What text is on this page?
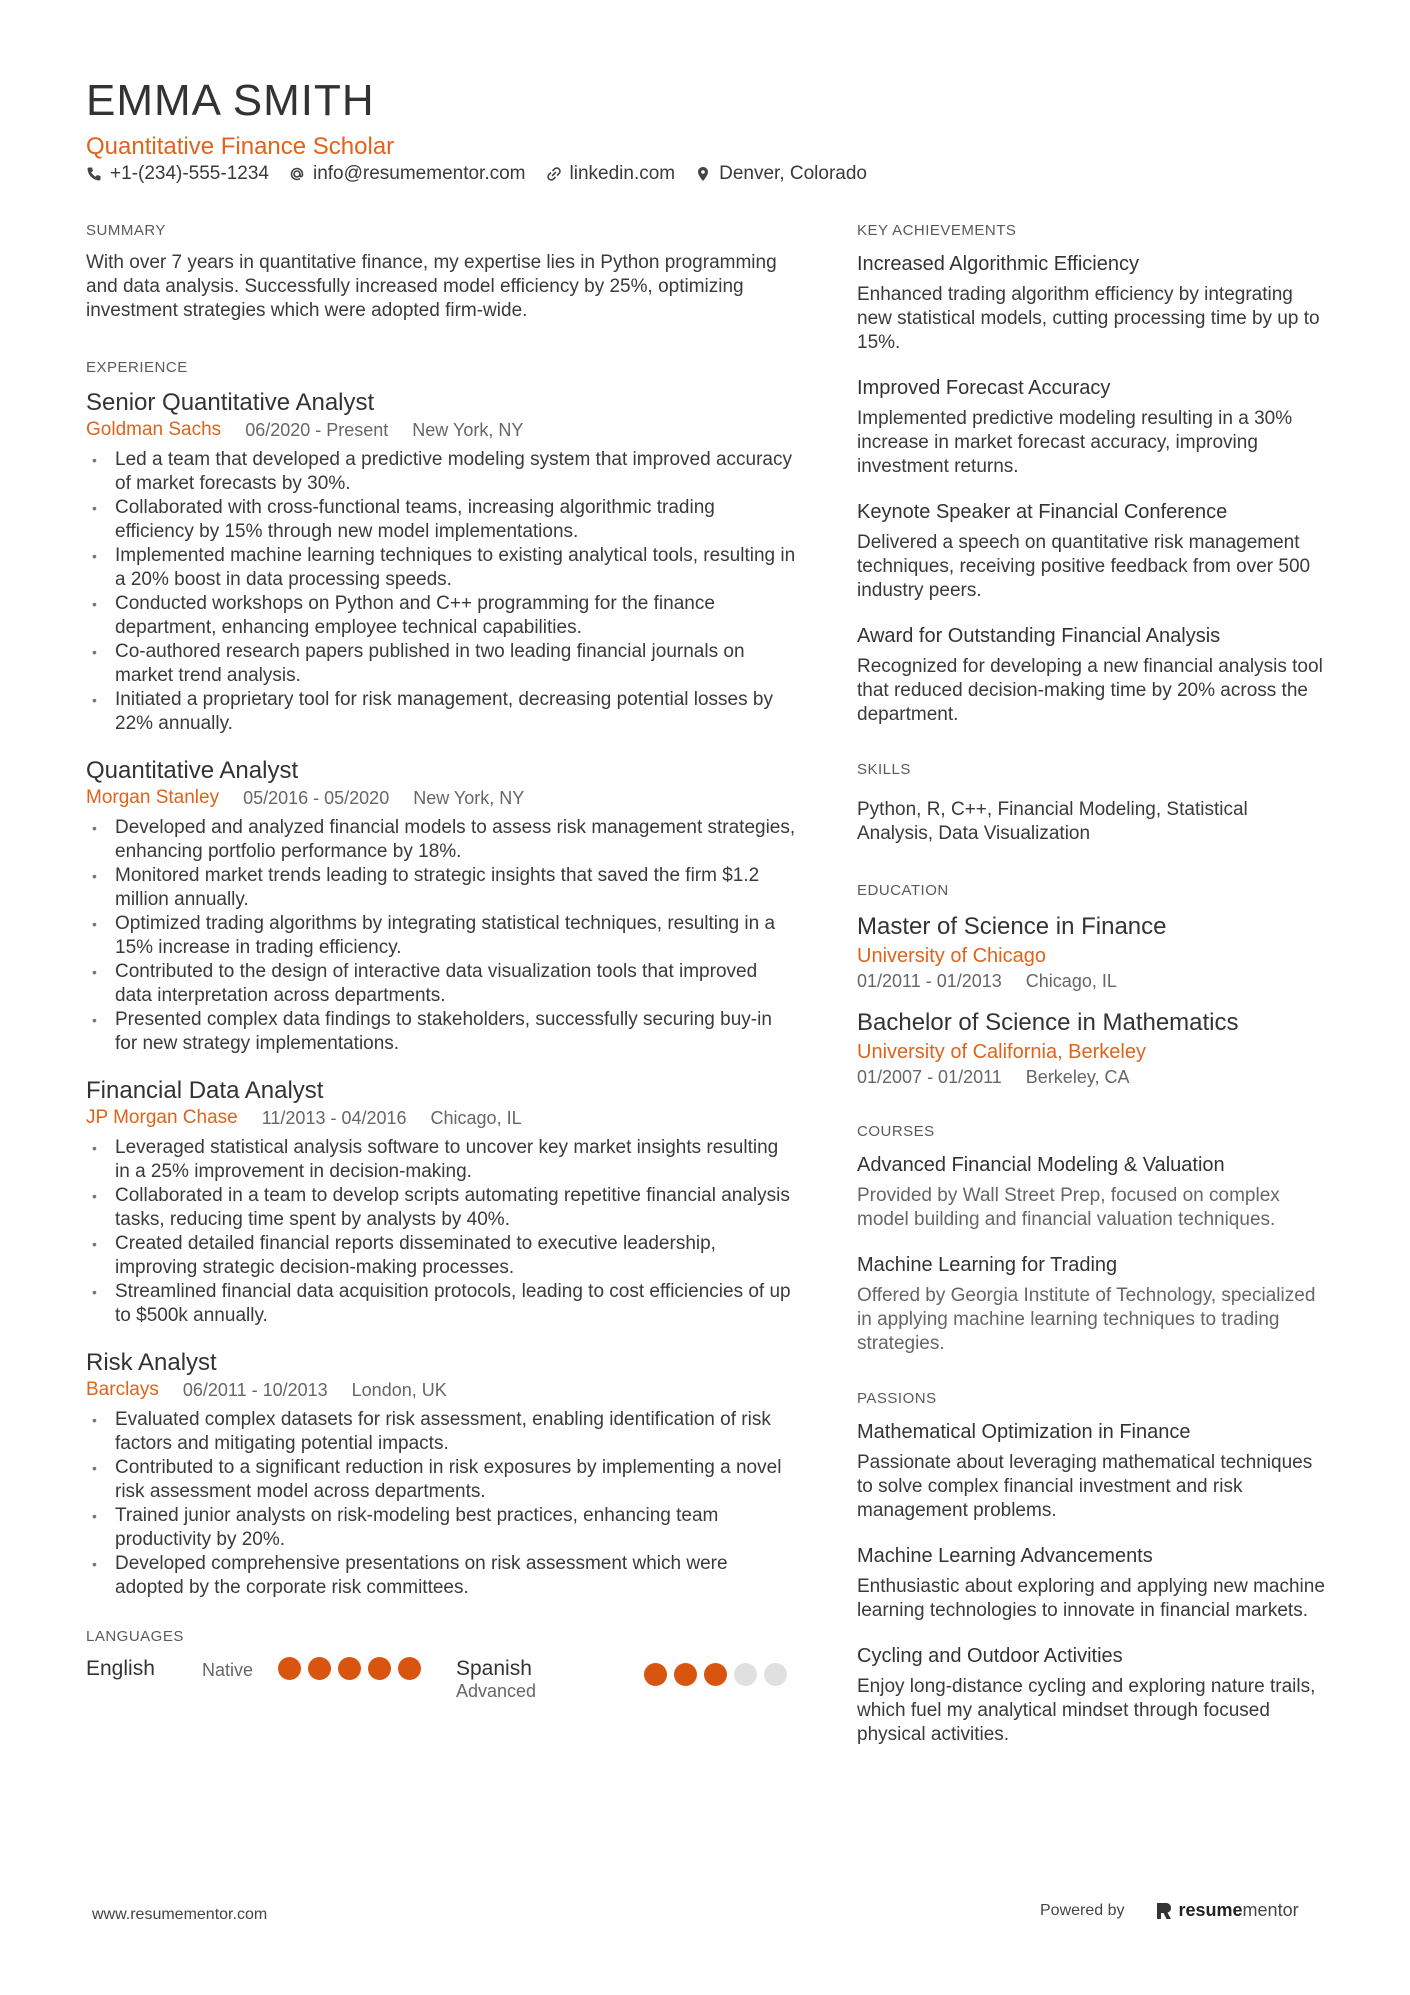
EMMA SMITH
Quantitative Finance Scholar
+1-(234)-555-1234 info@resumementor.com linkedin.com Denver, Colorado
SUMMARY
With over 7 years in quantitative finance, my expertise lies in Python programming and data analysis. Successfully increased model efficiency by 25%, optimizing investment strategies which were adopted firm-wide.
EXPERIENCE
Senior Quantitative Analyst
Goldman Sachs 06/2020 - Present New York, NY
• Led a team that developed a predictive modeling system that improved accuracy of market forecasts by 30%.
• Collaborated with cross-functional teams, increasing algorithmic trading efficiency by 15% through new model implementations.
• Implemented machine learning techniques to existing analytical tools, resulting in a 20% boost in data processing speeds.
• Conducted workshops on Python and C++ programming for the finance department, enhancing employee technical capabilities.
• Co-authored research papers published in two leading financial journals on market trend analysis.
• Initiated a proprietary tool for risk management, decreasing potential losses by 22% annually.
Quantitative Analyst
Morgan Stanley 05/2016 - 05/2020 New York, NY
• Developed and analyzed financial models to assess risk management strategies, enhancing portfolio performance by 18%.
• Monitored market trends leading to strategic insights that saved the firm $1.2 million annually.
• Optimized trading algorithms by integrating statistical techniques, resulting in a 15% increase in trading efficiency.
• Contributed to the design of interactive data visualization tools that improved data interpretation across departments.
• Presented complex data findings to stakeholders, successfully securing buy-in for new strategy implementations.
Financial Data Analyst
JP Morgan Chase 11/2013 - 04/2016 Chicago, IL
• Leveraged statistical analysis software to uncover key market insights resulting in a 25% improvement in decision-making.
• Collaborated in a team to develop scripts automating repetitive financial analysis tasks, reducing time spent by analysts by 40%.
• Created detailed financial reports disseminated to executive leadership, improving strategic decision-making processes.
• Streamlined financial data acquisition protocols, leading to cost efficiencies of up to $500k annually.
Risk Analyst
Barclays 06/2011 - 10/2013 London, UK
• Evaluated complex datasets for risk assessment, enabling identification of risk factors and mitigating potential impacts.
• Contributed to a significant reduction in risk exposures by implementing a novel risk assessment model across departments.
• Trained junior analysts on risk-modeling best practices, enhancing team productivity by 20%.
• Developed comprehensive presentations on risk assessment which were adopted by the corporate risk committees.
LANGUAGES
English	Native	Spanish
Advanced
KEY ACHIEVEMENTS
Increased Algorithmic Efficiency
Enhanced trading algorithm efficiency by integrating new statistical models, cutting processing time by up to 15%.
Improved Forecast Accuracy
Implemented predictive modeling resulting in a 30% increase in market forecast accuracy, improving investment returns.
Keynote Speaker at Financial Conference
Delivered a speech on quantitative risk management techniques, receiving positive feedback from over 500 industry peers.
Award for Outstanding Financial Analysis
Recognized for developing a new financial analysis tool that reduced decision-making time by 20% across the department.
SKILLS
Python, R, C++, Financial Modeling, Statistical Analysis, Data Visualization
EDUCATION
Master of Science in Finance
University of Chicago
01/2011 - 01/2013 Chicago, IL
Bachelor of Science in Mathematics
University of California, Berkeley
01/2007 - 01/2011 Berkeley, CA
COURSES
Advanced Financial Modeling & Valuation
Provided by Wall Street Prep, focused on complex model building and financial valuation techniques.
Machine Learning for Trading
Offered by Georgia Institute of Technology, specialized in applying machine learning techniques to trading strategies.
PASSIONS
Mathematical Optimization in Finance
Passionate about leveraging mathematical techniques to solve complex financial investment and risk management problems.
Machine Learning Advancements
Enthusiastic about exploring and applying new machine learning technologies to innovate in financial markets.
Cycling and Outdoor Activities
Enjoy long-distance cycling and exploring nature trails, which fuel my analytical mindset through focused physical activities.
www.resumementor.com	Powered by	resumementor
